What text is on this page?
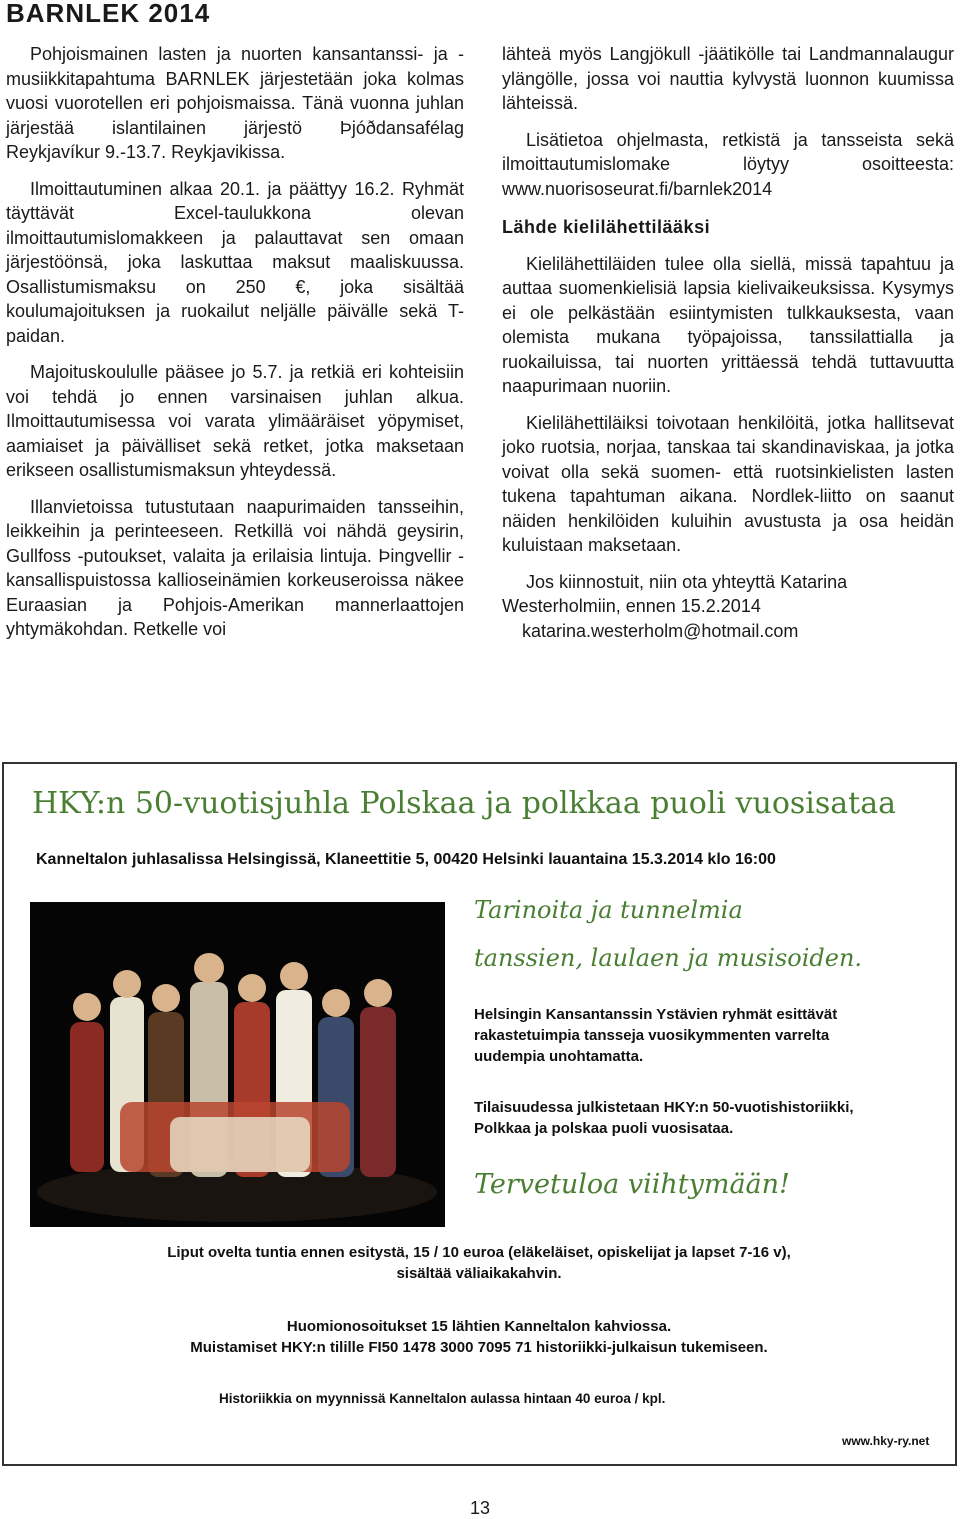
BARNLEK 2014

Pohjoismainen lasten ja nuorten kansantanssi- ja -musiikkitapahtuma BARNLEK järjestetään joka kolmas vuosi vuorotellen eri pohjoismaissa. Tänä vuonna juhlan järjestää islantilainen järjestö Þjóðdansafélag Reykjavíkur 9.-13.7. Reykjavikissa.

Ilmoittautuminen alkaa 20.1. ja päättyy 16.2. Ryhmät täyttävät Excel-taulukkona olevan ilmoittautumislomakkeen ja palauttavat sen omaan järjestöönsä, joka laskuttaa maksut maaliskuussa. Osallistumismaksu on 250 €, joka sisältää koulumajoituksen ja ruokailut neljälle päivälle sekä T-paidan.

Majoituskoululle pääsee jo 5.7. ja retkiä eri kohteisiin voi tehdä jo ennen varsinaisen juhlan alkua. Ilmoittautumisessa voi varata ylimääräiset yöpymiset, aamiaiset ja päivälliset sekä retket, jotka maksetaan erikseen osallistumismaksun yhteydessä.

Illanvietoissa tutustutaan naapurimaiden tansseihin, leikkeihin ja perinteeseen. Retkillä voi nähdä geysirin, Gullfoss -putoukset, valaita ja erilaisia lintuja. Þingvellir -kansallispuistossa kallioseinämien korkeuseroissa näkee Euraasian ja Pohjois-Amerikan mannerlaattojen yhtymäkohdan. Retkelle voi

lähteä myös Langjökull -jäätikölle tai Landmannalaugur ylängölle, jossa voi nauttia kylvystä luonnon kuumissa lähteissä.

Lisätietoa ohjelmasta, retkistä ja tansseista sekä ilmoittautumislomake löytyy osoitteesta: www.nuorisoseurat.fi/barnlek2014

Lähde kielilähettilääksi

Kielilähettiläiden tulee olla siellä, missä tapahtuu ja auttaa suomenkielisiä lapsia kielivaikeuksissa. Kysymys ei ole pelkästään esiintymisten tulkkauksesta, vaan olemista mukana työpajoissa, tanssilattialla ja ruokailuissa, tai nuorten yrittäessä tehdä tuttavuutta naapurimaan nuoriin.

Kielilähettiläiksi toivotaan henkilöitä, jotka hallitsevat joko ruotsia, norjaa, tanskaa tai skandinaviskaa, ja jotka voivat olla sekä suomen- että ruotsinkielisten lasten tukena tapahtuman aikana. Nordlek-liitto on saanut näiden henkilöiden kuluihin avustusta ja osa heidän kuluistaan maksetaan.

Jos kiinnostuit, niin ota yhteyttä Katarina
Westerholmiin, ennen 15.2.2014
katarina.westerholm@hotmail.com
HKY:n 50-vuotisjuhla Polskaa ja polkkaa puoli vuosisataa
Kanneltalon juhlasalissa Helsingissä, Klaneettitie 5, 00420 Helsinki lauantaina 15.3.2014 klo 16:00
Tarinoita ja tunnelmia
tanssien, laulaen ja musisoiden.
Helsingin Kansantanssin Ystävien ryhmät esittävät rakastetuimpia tansseja vuosikymmenten varrelta uudempia unohtamatta.
Tilaisuudessa julkistetaan HKY:n 50-vuotishistoriikki, Polkkaa ja polskaa puoli vuosisataa.
Tervetuloa viihtymään!
Liput ovelta tuntia ennen esitystä, 15 / 10 euroa (eläkeläiset, opiskelijat ja lapset 7-16 v),
sisältää väliaikakahvin.
Huomionosoitukset 15 lähtien Kanneltalon kahviossa.
Muistamiset HKY:n tilille FI50 1478 3000 7095 71 historiikki-julkaisun tukemiseen.
Historiikkia on myynnissä Kanneltalon aulassa hintaan 40 euroa / kpl.
www.hky-ry.net
13
